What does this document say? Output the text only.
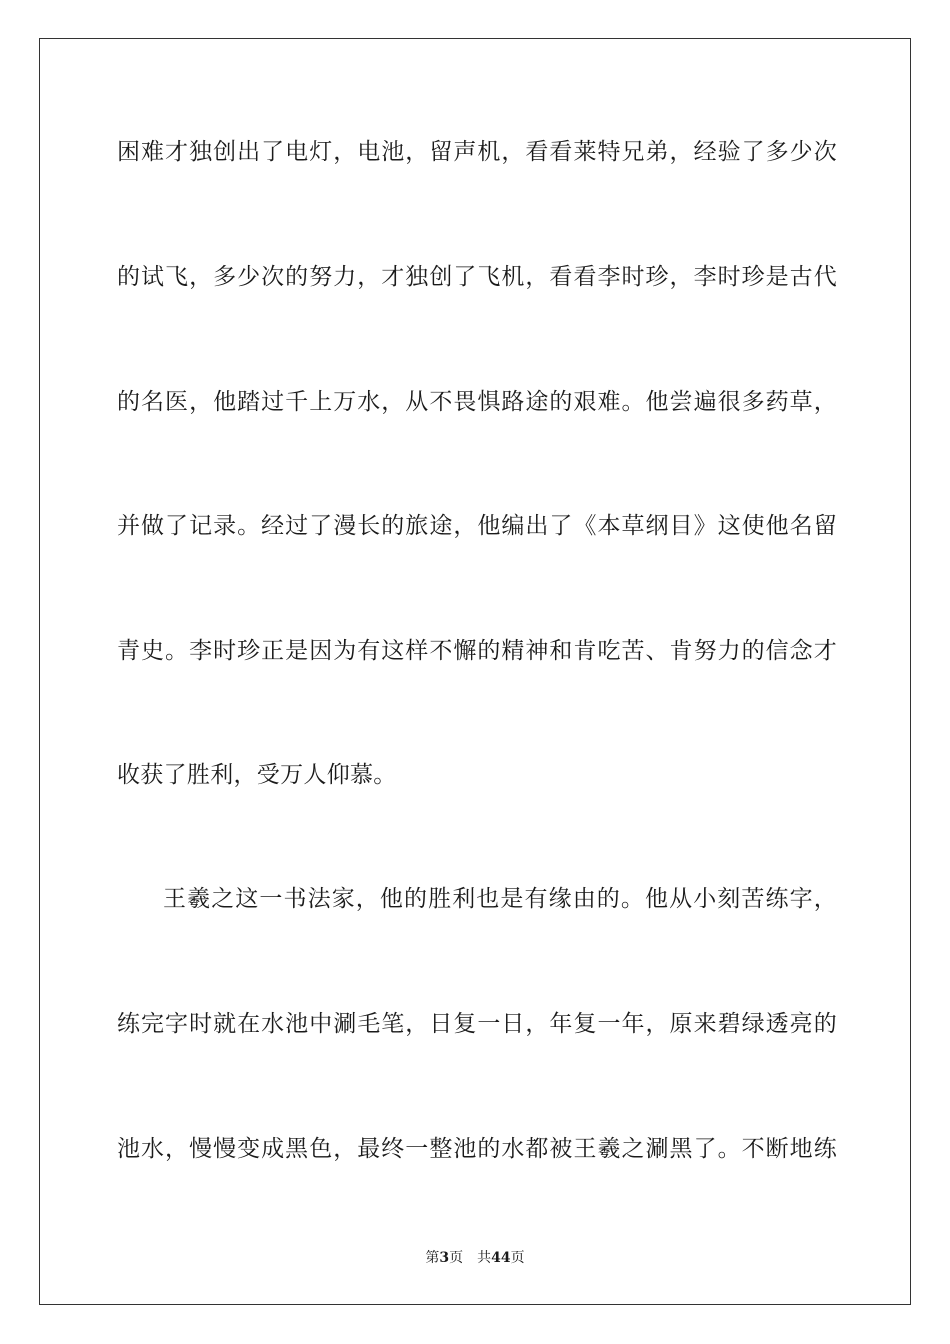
困难才独创出了电灯，电池，留声机，看看莱特兄弟，经验了多少次
的试飞，多少次的努力，才独创了飞机，看看李时珍，李时珍是古代
的名医，他踏过千上万水，从不畏惧路途的艰难。他尝遍很多药草，
并做了记录。经过了漫长的旅途，他编出了《本草纲目》这使他名留
青史。李时珍正是因为有这样不懈的精神和肯吃苦、肯努力的信念才
收获了胜利，受万人仰慕。
王羲之这一书法家，他的胜利也是有缘由的。他从小刻苦练字，
练完字时就在水池中涮毛笔，日复一日，年复一年，原来碧绿透亮的
池水，慢慢变成黑色，最终一整池的水都被王羲之涮黑了。不断地练
第3页 共44页
